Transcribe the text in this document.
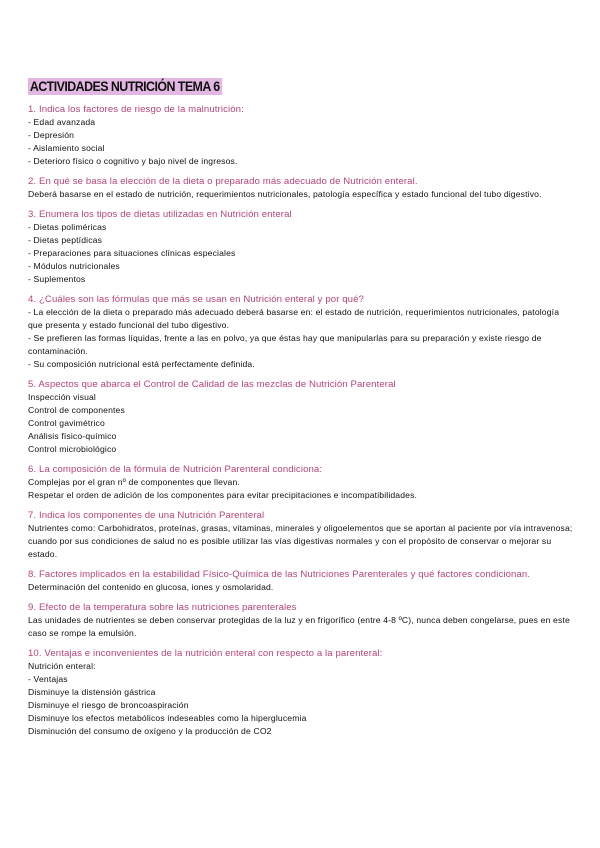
ACTIVIDADES NUTRICIÓN TEMA 6
1. Indica los factores de riesgo de la malnutrición:
- Edad avanzada
- Depresión
- Aislamiento social
- Deterioro físico o cognitivo y bajo nivel de ingresos.
2. En qué se basa la elección de la dieta o preparado más adecuado de Nutrición enteral.
Deberá basarse en el estado de nutrición, requerimientos nutricionales, patología específica y estado funcional del tubo digestivo.
3. Enumera los tipos de dietas utilizadas en Nutrición enteral
- Dietas poliméricas
- Dietas peptídicas
- Preparaciones para situaciones clínicas especiales
- Módulos nutricionales
- Suplementos
4. ¿Cuáles son las fórmulas que más se usan en Nutrición enteral y por qué?
- La elección de la dieta o preparado más adecuado deberá basarse en: el estado de nutrición, requerimientos nutricionales, patología que presenta y estado funcional del tubo digestivo.
- Se prefieren las formas líquidas, frente a las en polvo, ya que éstas hay que manipularlas para su preparación y existe riesgo de contaminación.
- Su composición nutricional está perfectamente definida.
5. Aspectos que abarca el Control de Calidad de las mezclas de Nutrición Parenteral
Inspección visual
Control de componentes
Control gavimétrico
Análisis físico-químico
Control microbiológico
6. La composición de la fórmula de Nutrición Parenteral condiciona:
Complejas por el gran nº de componentes que llevan.
Respetar el orden de adición de los componentes para evitar precipitaciones e incompatibilidades.
7. Indica los componentes de una Nutrición Parenteral
Nutrientes como: Carbohidratos, proteínas, grasas, vitaminas, minerales y oligoelementos que se aportan al paciente por vía intravenosa; cuando por sus condiciones de salud no es posible utilizar las vías digestivas normales y con el propósito de conservar o mejorar su estado.
8. Factores implicados en la estabilidad Físico-Química de las Nutriciones Parenterales y qué factores condicionan.
Determinación del contenido en glucosa, iones y osmolaridad.
9. Efecto de la temperatura sobre las nutriciones parenterales
Las unidades de nutrientes se deben conservar protegidas de la luz y en frigorífico (entre 4-8 ºC), nunca deben congelarse, pues en este caso se rompe la emulsión.
10. Ventajas e inconvenientes de la nutrición enteral con respecto a la parenteral:
Nutrición enteral:
- Ventajas
Disminuye la distensión gástrica
Disminuye el riesgo de broncoaspiración
Disminuye los efectos metabólicos indeseables como la hiperglucemia
Disminución del consumo de oxígeno y la producción de CO2
